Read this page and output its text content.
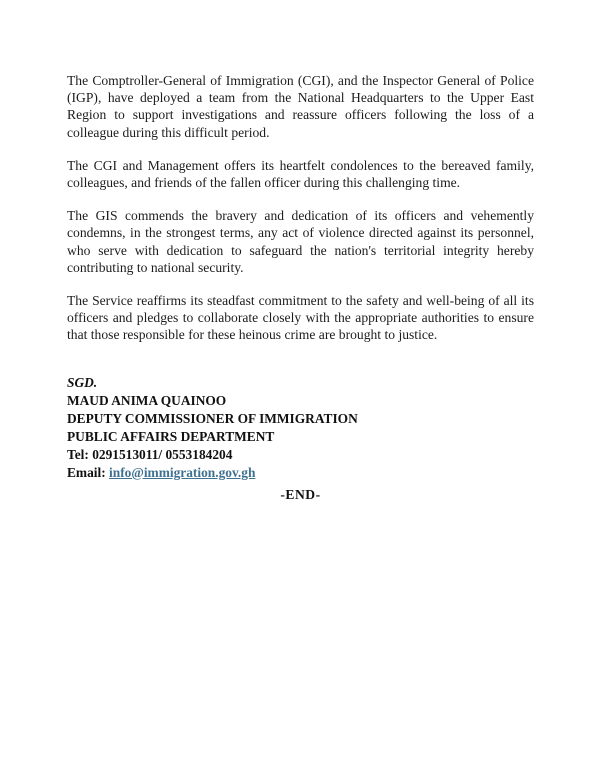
The Comptroller-General of Immigration (CGI), and the Inspector General of Police (IGP), have deployed a team from the National Headquarters to the Upper East Region to support investigations and reassure officers following the loss of a colleague during this difficult period.

The CGI and Management offers its heartfelt condolences to the bereaved family, colleagues, and friends of the fallen officer during this challenging time.

The GIS commends the bravery and dedication of its officers and vehemently condemns, in the strongest terms, any act of violence directed against its personnel, who serve with dedication to safeguard the nation's territorial integrity hereby contributing to national security.

The Service reaffirms its steadfast commitment to the safety and well-being of all its officers and pledges to collaborate closely with the appropriate authorities to ensure that those responsible for these heinous crime are brought to justice.

SGD.

MAUD ANIMA QUAINOO

DEPUTY COMMISSIONER OF IMMIGRATION

PUBLIC AFFAIRS DEPARTMENT

Tel: 0291513011/ 0553184204

Email: info@immigration.gov.gh

-END-
